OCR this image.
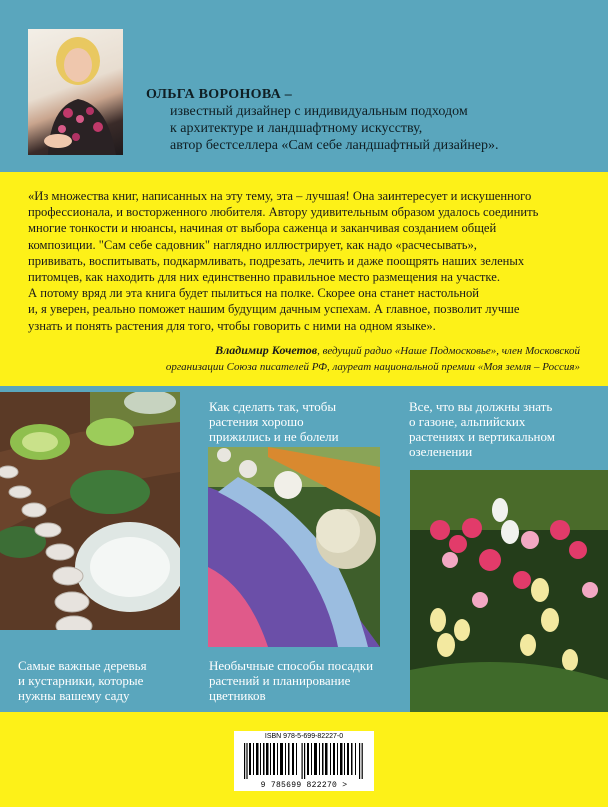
ОЛЬГА ВОРОНОВА –
известный дизайнер с индивидуальным подходом
к архитектуре и ландшафтному искусству,
автор бестселлера «Сам себе ландшафтный дизайнер».
«Из множества книг, написанных на эту тему, эта – лучшая! Она заинтересует и искушенного
профессионала, и восторженного любителя. Автору удивительным образом удалось соединить
многие тонкости и нюансы, начиная от выбора саженца и заканчивая созданием общей
композиции. "Сам себе садовник" наглядно иллюстрирует, как надо «расчесывать»,
прививать, воспитывать, подкармливать, подрезать, лечить и даже поощрять наших зеленых
питомцев, как находить для них единственно правильное место размещения на участке.
А потому вряд ли эта книга будет пылиться на полке. Скорее она станет настольной
и, я уверен, реально поможет нашим будущим дачным успехам. А главное, позволит лучше
узнать и понять растения для того, чтобы говорить с ними на одном языке».
Владимир Кочетов, ведущий радио «Наше Подмосковье», член Московской
организации Союза писателей РФ, лауреат национальной премии «Моя земля – Россия»
Самые важные деревья
и кустарники, которые
нужны вашему саду
Как сделать так, чтобы
растения хорошо
прижились и не болели
Все, что вы должны знать
о газоне, альпийских
растениях и вертикальном
озеленении
Необычные способы посадки
растений и планирование
цветников
ISBN 978-5-699-82227-0
9 785699 822270 >
